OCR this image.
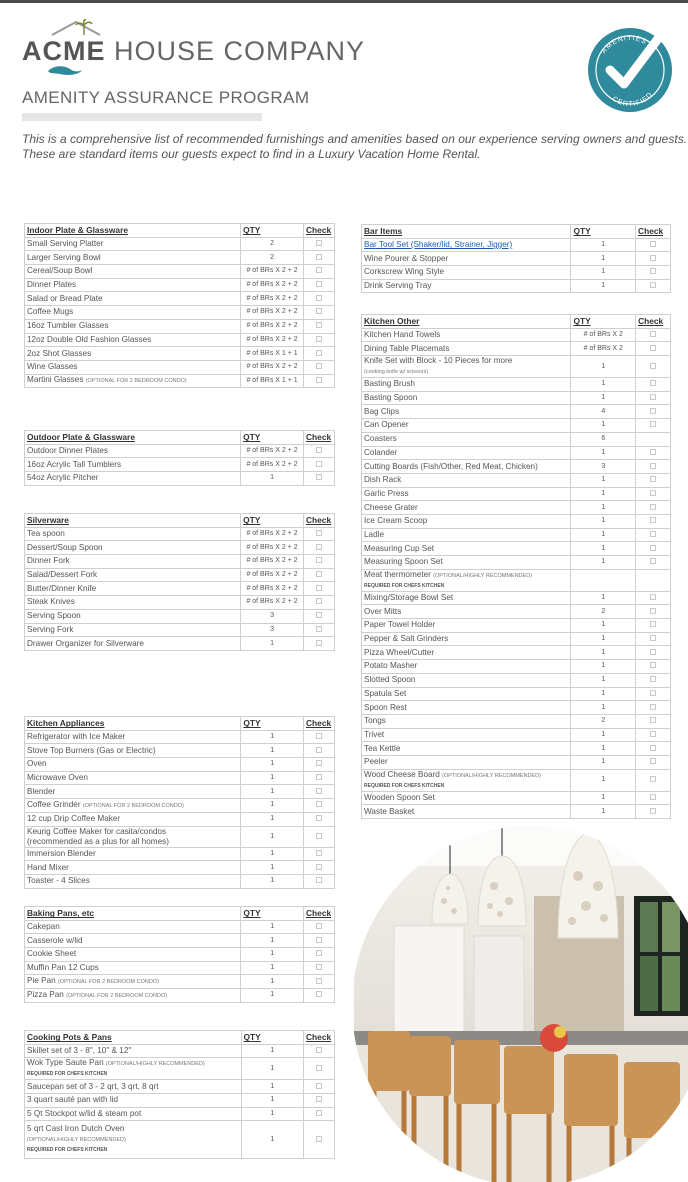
ACME HOUSE COMPANY
AMENITY ASSURANCE PROGRAM
AMENITIES
CERTIFIED
This is a comprehensive list of recommended furnishings and amenities based on our experience serving owners and guests.
These are standard items our guests expect to find in a Luxury Vacation Home Rental.
Indoor Plate & Glassware	QTY	Check
Small Serving Platter	2	
Larger Serving Bowl	2	
Cereal/Soup Bowl	# of BRs X 2 + 2	
Dinner Plates	# of BRs X 2 + 2	
Salad or Bread Plate	# of BRs X 2 + 2	
Coffee Mugs	# of BRs X 2 + 2	
16oz Tumbler Glasses	# of BRs X 2 + 2	
12oz Double Old Fashion Glasses	# of BRs X 2 + 2	
2oz Shot Glasses	# of BRs X 1 + 1	
Wine Glasses	# of BRs X 2 + 2	
Martini Glasses (OPTIONAL FOR 2 BEDROOM CONDO)	# of BRs X 1 + 1	
Outdoor Plate & Glassware	QTY	Check
Outdoor Dinner Plates	# of BRs X 2 + 2	
16oz Acrylic Tall Tumblers	# of BRs X 2 + 2	
54oz Acrylic Pitcher	1	
Silverware	QTY	Check
Tea spoon	# of BRs X 2 + 2	
Dessert/Soup Spoon	# of BRs X 2 + 2	
Dinner Fork	# of BRs X 2 + 2	
Salad/Dessert Fork	# of BRs X 2 + 2	
Butter/Dinner Knife	# of BRs X 2 + 2	
Steak Knives	# of BRs X 2 + 2	
Serving Spoon	3	
Serving Fork	3	
Drawer Organizer for Silverware	1	
Kitchen Appliances	QTY	Check
Refrigerator with Ice Maker	1	
Stove Top Burners (Gas or Electric)	1	
Oven	1	
Microwave Oven	1	
Blender	1	
Coffee Grinder (OPTIONAL FOR 2 BEDROOM CONDO)	1	
12 cup Drip Coffee Maker	1	
Keurig Coffee Maker for casita/condos
(recommended as a plus for all homes)	1	
Immersion Blender	1	
Hand Mixer	1	
Toaster - 4 Slices	1	
Baking Pans, etc	QTY	Check
Cakepan	1	
Casserole w/lid	1	
Cookie Sheet	1	
Muffin Pan 12 Cups	1	
Pie Pan (OPTIONAL FOR 2 BEDROOM CONDO)	1	
Pizza Pan (OPTIONAL FOR 2 BEDROOM CONDO)	1	
Cooking Pots & Pans	QTY	Check
Skillet set of 3 - 8", 10" & 12"	1	
Wok Type Saute Pan (OPTIONAL/HIGHLY RECOMMENDED)
REQUIRED FOR CHEFS KITCHEN	1	
Saucepan set of 3 - 2 qrt, 3 qrt, 8 qrt	1	
3 quart sauté pan with lid	1	
5 Qt Stockpot w/lid & steam pot	1	
5 qrt Cast Iron Dutch Oven
(OPTIONAL/HIGHLY RECOMMENDED)
REQUIRED FOR CHEFS KITCHEN	1	
Bar Items	QTY	Check
Bar Tool Set (Shaker/lid, Strainer, Jigger)	1	
Wine Pourer & Stopper	1	
Corkscrew Wing Style	1	
Drink Serving Tray	1	
Kitchen Other	QTY	Check
Kitchen Hand Towels	# of BRs X 2	
Dining Table Placemats	# of BRs X 2	
Knife Set with Block - 10 Pieces for more
(cooking knife w/ scissors)	1	
Basting Brush	1	
Basting Spoon	1	
Bag Clips	4	
Can Opener	1	
Coasters	6	
Colander	1	
Cutting Boards (Fish/Other, Red Meat, Chicken)	3	
Dish Rack	1	
Garlic Press	1	
Cheese Grater	1	
Ice Cream Scoop	1	
Ladle	1	
Measuring Cup Set	1	
Measuring Spoon Set	1	
Meat thermometer (OPTIONAL/HIGHLY RECOMMENDED)
REQUIRED FOR CHEFS KITCHEN		

Mixing/Storage Bowl Set	1	
Over Mitts	2	
Paper Towel Holder	1	
Pepper & Salt Grinders	1	
Pizza Wheel/Cutter	1	
Potato Masher	1	
Slotted Spoon	1	
Spatula Set	1	
Spoon Rest	1	
Tongs	2	
Trivet	1	
Tea Kettle	1	
Peeler	1	
Wood Cheese Board (OPTIONAL/HIGHLY RECOMMENDED)
REQUIRED FOR CHEFS KITCHEN	1	
Wooden Spoon Set	1	
Waste Basket	1	
